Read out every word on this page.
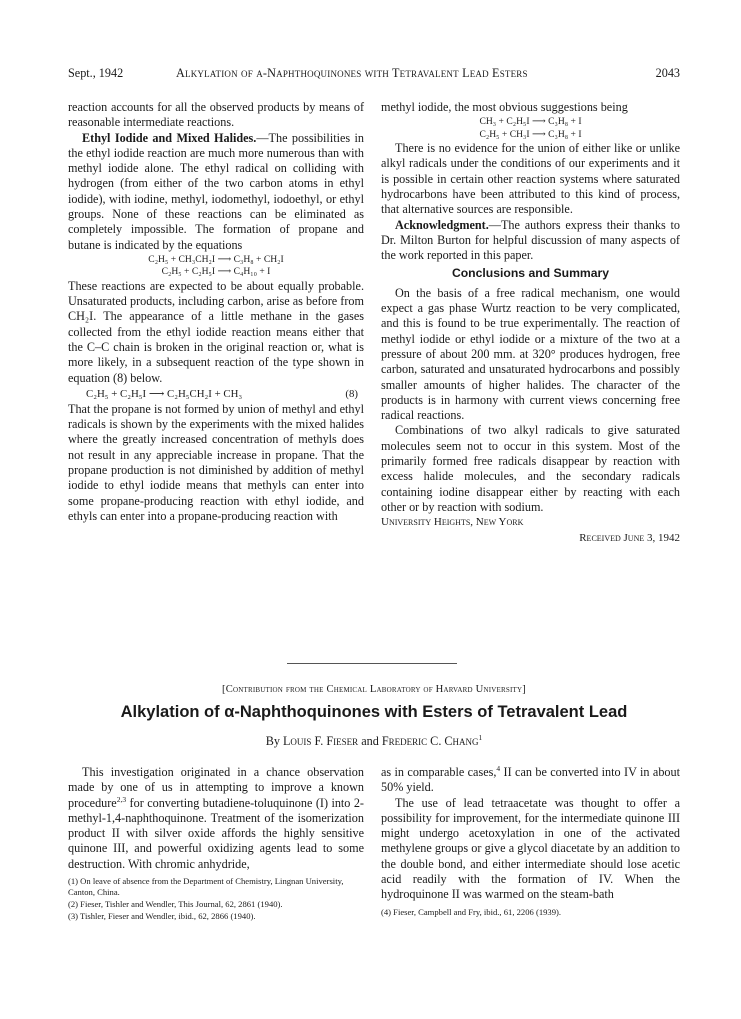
Sept., 1942	Alkylation of α-Naphthoquinones with Tetravalent Lead Esters	2043

reaction accounts for all the observed products by means of reasonable intermediate reactions.

Ethyl Iodide and Mixed Halides.—The possibilities in the ethyl iodide reaction are much more numerous than with methyl iodide alone. The ethyl radical on colliding with hydrogen (from either of the two carbon atoms in ethyl iodide), with iodine, methyl, iodomethyl, iodoethyl, or ethyl groups. None of these reactions can be eliminated as completely impossible. The formation of propane and butane is indicated by the equations

C₂H₅ + CH₃CH₂I ⟶ C₃H₈ + CH₂I
C₂H₅ + C₂H₅I ⟶ C₄H₁₀ + I

These reactions are expected to be about equally probable. Unsaturated products, including carbon, arise as before from CH₂I. The appearance of a little methane in the gases collected from the ethyl iodide reaction means either that the C–C chain is broken in the original reaction or, what is more likely, in a subsequent reaction of the type shown in equation (8) below.

C₂H₅ + C₂H₅I ⟶ C₂H₅CH₂I + CH₃	(8)

That the propane is not formed by union of methyl and ethyl radicals is shown by the experiments with the mixed halides where the greatly increased concentration of methyls does not result in any appreciable increase in propane. That the propane production is not diminished by addition of methyl iodide to ethyl iodide means that methyls can enter into some propane-producing reaction with ethyl iodide, and ethyls can enter into a propane-producing reaction with

methyl iodide, the most obvious suggestions being

CH₃ + C₂H₅I ⟶ C₃H₈ + I
C₂H₅ + CH₃I ⟶ C₃H₈ + I

There is no evidence for the union of either like or unlike alkyl radicals under the conditions of our experiments and it is possible in certain other reaction systems where saturated hydrocarbons have been attributed to this kind of process, that alternative sources are responsible.

Acknowledgment.—The authors express their thanks to Dr. Milton Burton for helpful discussion of many aspects of the work reported in this paper.

Conclusions and Summary

On the basis of a free radical mechanism, one would expect a gas phase Wurtz reaction to be very complicated, and this is found to be true experimentally. The reaction of methyl iodide or ethyl iodide or a mixture of the two at a pressure of about 200 mm. at 320° produces hydrogen, free carbon, saturated and unsaturated hydrocarbons and possibly smaller amounts of higher halides. The character of the products is in harmony with current views concerning free radical reactions.

Combinations of two alkyl radicals to give saturated molecules seem not to occur in this system. Most of the primarily formed free radicals disappear by reaction with excess halide molecules, and the secondary radicals containing iodine disappear either by reacting with each other or by reaction with sodium.

University Heights, New York
Received June 3, 1942
[Contribution from the Chemical Laboratory of Harvard University]
Alkylation of α-Naphthoquinones with Esters of Tetravalent Lead
By Louis F. Fieser and Frederic C. Chang$^1$

This investigation originated in a chance observation made by one of us in attempting to improve a known procedure$^{2,3}$ for converting butadiene-toluquinone (I) into 2-methyl-1,4-naphthoquinone. Treatment of the isomerization product II with silver oxide affords the highly sensitive quinone III, and powerful oxidizing agents lead to some destruction. With chromic anhydride,

(1) On leave of absence from the Department of Chemistry, Lingnan University, Canton, China.

(2) Fieser, Tishler and Wendler, This Journal, 62, 2861 (1940).

(3) Tishler, Fieser and Wendler, ibid., 62, 2866 (1940).

as in comparable cases,$^4$ II can be converted into IV in about 50% yield.

The use of lead tetraacetate was thought to offer a possibility for improvement, for the intermediate quinone III might undergo acetoxylation in one of the activated methylene groups or give a glycol diacetate by an addition to the double bond, and either intermediate should lose acetic acid readily with the formation of IV. When the hydroquinone II was warmed on the steam-bath

(4) Fieser, Campbell and Fry, ibid., 61, 2206 (1939).
